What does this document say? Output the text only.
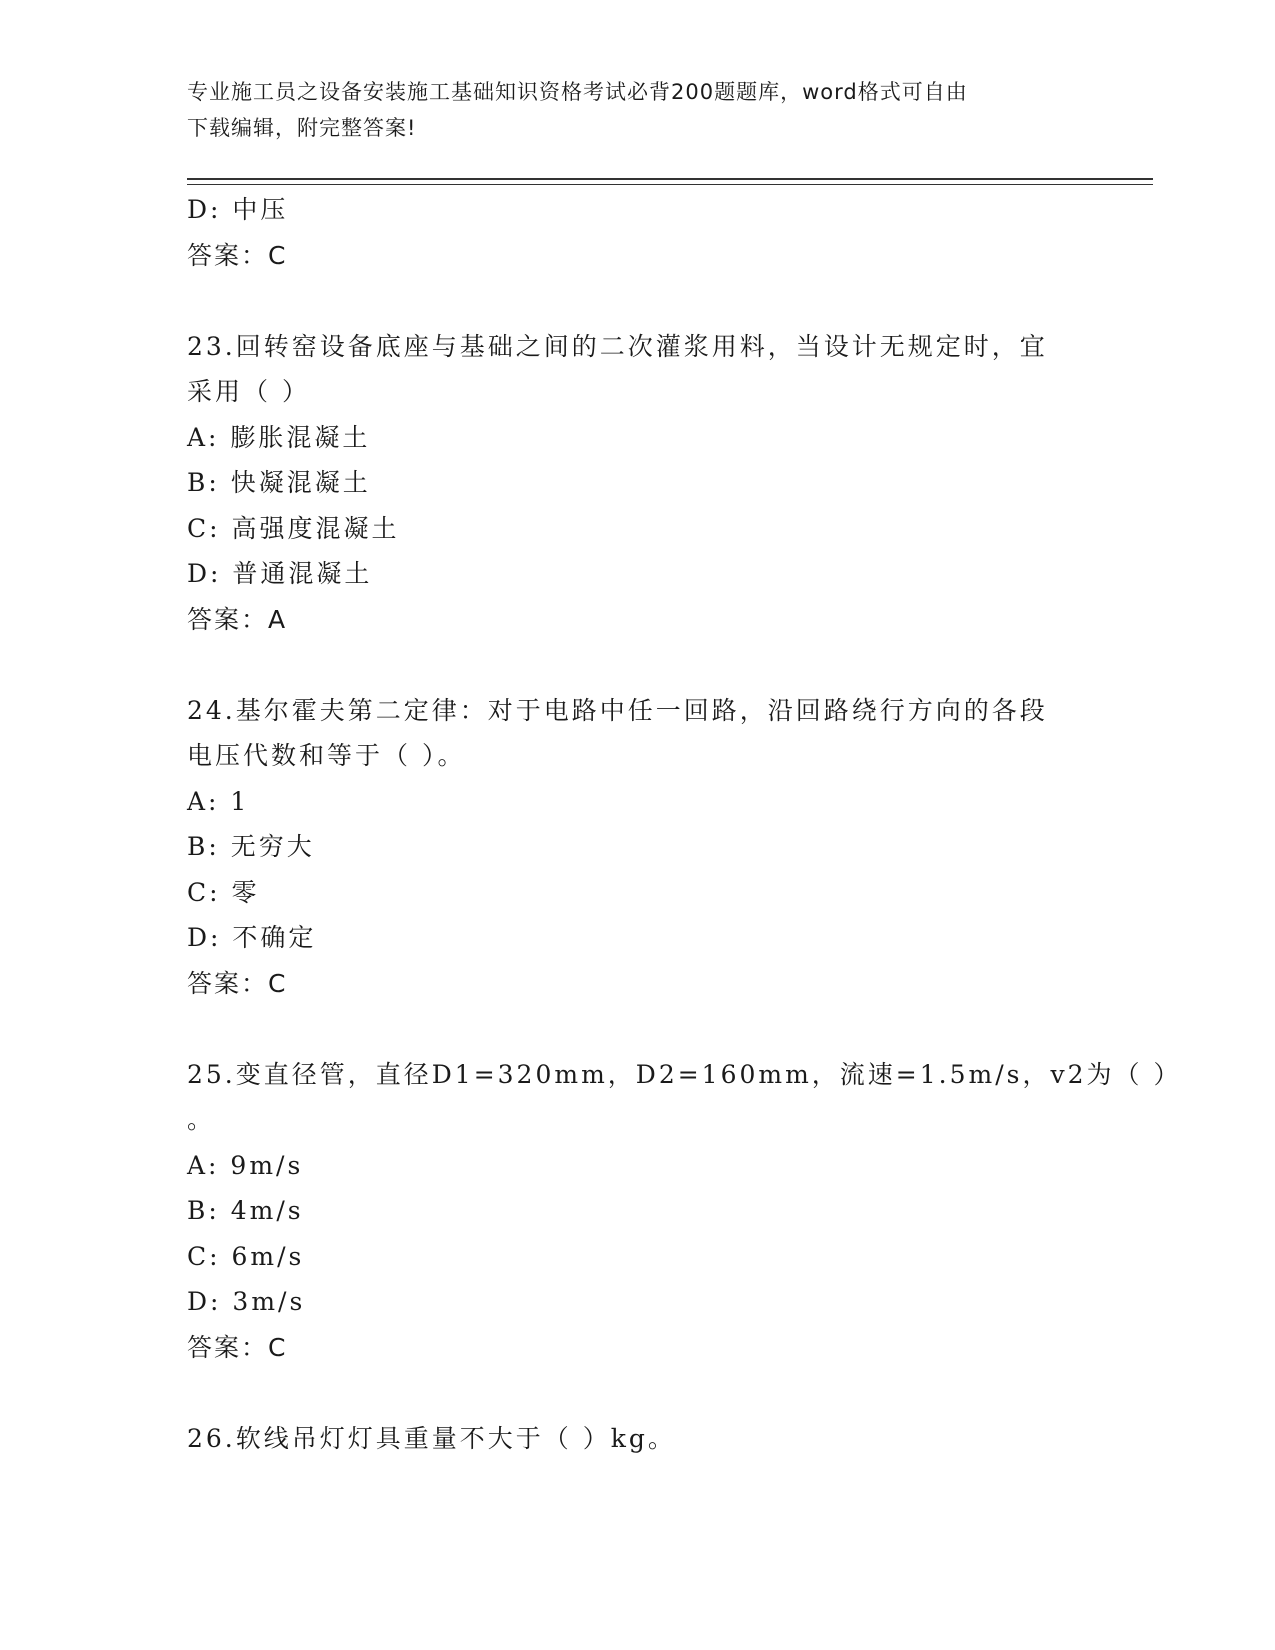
专业施工员之设备安装施工基础知识资格考试必背200题题库，word格式可自由
下载编辑，附完整答案!
D: 中压
答案：C
23.回转窑设备底座与基础之间的二次灌浆用料，当设计无规定时，宜
采用（ ）
A: 膨胀混凝土
B: 快凝混凝土
C: 高强度混凝土
D: 普通混凝土
答案：A
24.基尔霍夫第二定律：对于电路中任一回路，沿回路绕行方向的各段
电压代数和等于（ ）。
A: 1
B: 无穷大
C: 零
D: 不确定
答案：C
25.变直径管，直径D1=320mm，D2=160mm，流速=1.5m/s，v2为（ ）
。
A: 9m/s
B: 4m/s
C: 6m/s
D: 3m/s
答案：C
26.软线吊灯灯具重量不大于（ ）kg。
